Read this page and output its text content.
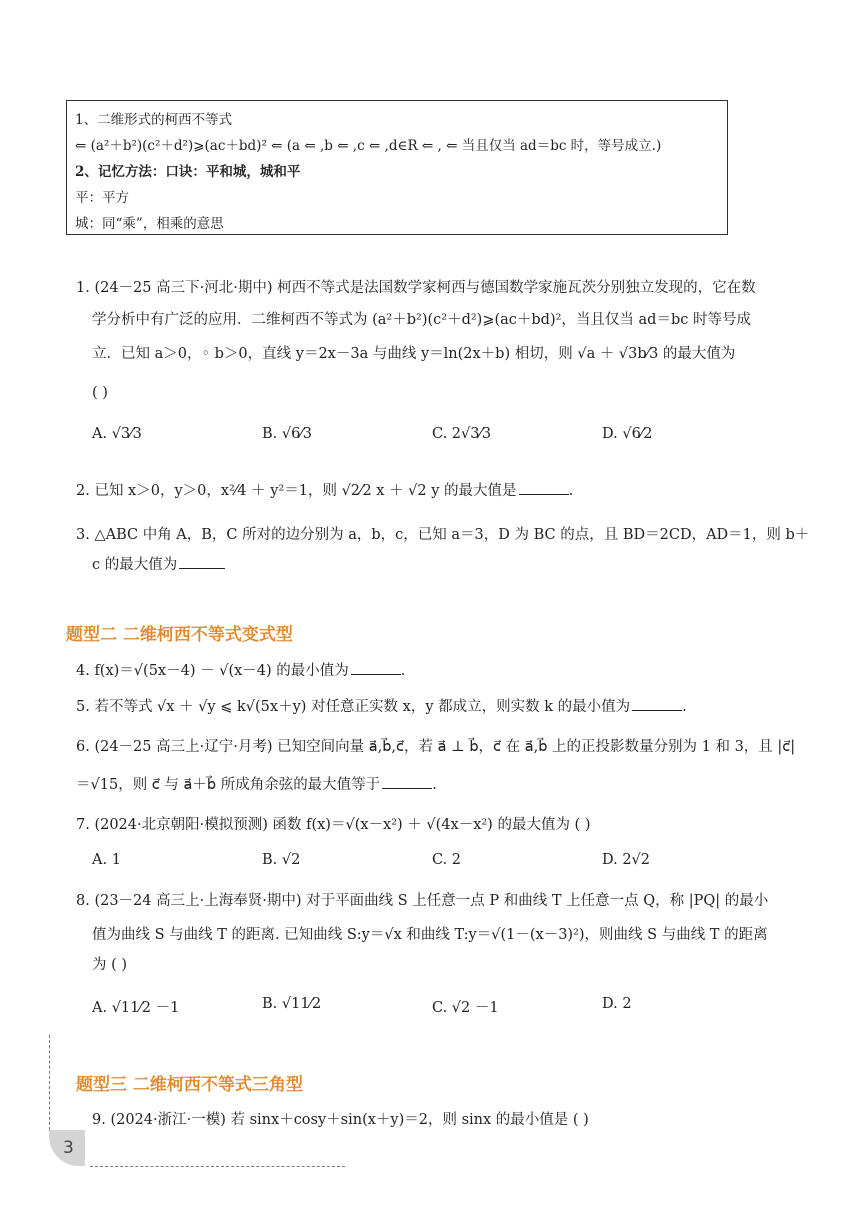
1、二维形式的柯西不等式
⇐ (a²＋b²)(c²＋d²)⩾(ac＋bd)² ⇐ (a ⇐ ,b ⇐ ,c ⇐ ,d∈R ⇐ , ⇐ 当且仅当 ad＝bc 时，等号成立.)
2、记忆方法：口诀：平和城，城和平
平：平方
城：同“乘”，相乘的意思
1. (24－25 高三下·河北·期中) 柯西不等式是法国数学家柯西与德国数学家施瓦茨分别独立发现的，它在数
学分析中有广泛的应用．二维柯西不等式为 (a²＋b²)(c²＋d²)⩾(ac＋bd)²，当且仅当 ad＝bc 时等号成
立．已知 a＞0，◦ b＞0，直线 y＝2x－3a 与曲线 y＝ln(2x＋b) 相切，则 √a ＋ √3b⁄3 的最大值为
( )
A. √3⁄3	B. √6⁄3	C. 2√3⁄3	D. √6⁄2
2. 已知 x＞0，y＞0，x²⁄4 ＋ y²＝1，则 √2⁄2 x ＋ √2 y 的最大值是	.
3. △ABC 中角 A，B，C 所对的边分别为 a，b，c，已知 a＝3，D 为 BC 的点，且 BD＝2CD，AD＝1，则 b＋
c 的最大值为
题型二 二维柯西不等式变式型
4. f(x)＝√(5x－4) － √(x－4) 的最小值为	.
5. 若不等式 √x ＋ √y ⩽ k√(5x＋y) 对任意正实数 x，y 都成立，则实数 k 的最小值为	.
6. (24－25 高三上·辽宁·月考) 已知空间向量 a⃗,b⃗,c⃗，若 a⃗ ⊥ b⃗，c⃗ 在 a⃗,b⃗ 上的正投影数量分别为 1 和 3，且 |c⃗|
＝√15，则 c⃗ 与 a⃗＋b⃗ 所成角余弦的最大值等于	.
7. (2024·北京朝阳·模拟预测) 函数 f(x)＝√(x－x²) ＋ √(4x－x²) 的最大值为 ( )
A. 1	B. √2	C. 2	D. 2√2
8. (23－24 高三上·上海奉贤·期中) 对于平面曲线 S 上任意一点 P 和曲线 T 上任意一点 Q，称 |PQ| 的最小
值为曲线 S 与曲线 T 的距离. 已知曲线 S:y＝√x 和曲线 T:y＝√(1－(x－3)²)，则曲线 S 与曲线 T 的距离
为 ( )
A. √11⁄2 －1	B. √11⁄2	C. √2 －1	D. 2
题型三 二维柯西不等式三角型
9. (2024·浙江·一模) 若 sinx＋cosy＋sin(x＋y)＝2，则 sinx 的最小值是 ( )
3
